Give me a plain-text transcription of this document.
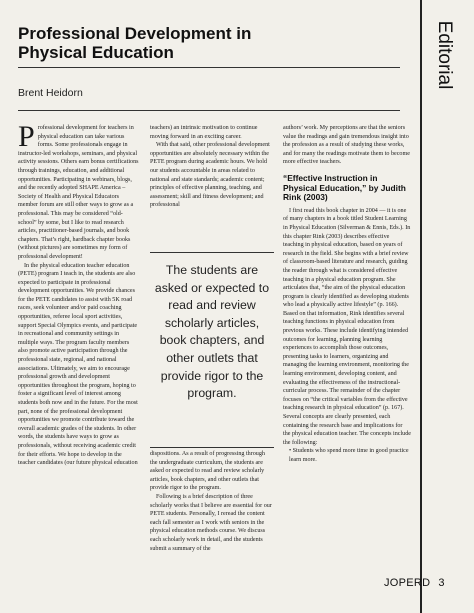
Professional Development in
Physical Education
Brent Heidorn
Editorial
P rofessional development for teachers in physical education can take various forms. Some professionals engage in instructor-led workshops, seminars, and physical activity sessions. Others earn bonus certifications through trainings, education, and additional opportunities. Participating in webinars, blogs, and the recently adopted SHAPE America – Society of Health and Physical Educators member forum are still other ways to grow as a professional. This may be considered “old-school” by some, but I like to read research articles, practitioner-based journals, and book chapters. That’s right, hardback chapter books (without pictures) are sometimes my form of professional development!

In the physical education teacher education (PETE) program I teach in, the students are also expected to participate in professional development opportunities. We provide chances for the PETE candidates to assist with 5K road races, seek volunteer and/or paid coaching opportunities, referee local sport activities, support Special Olympics events, and participate in recreational and community settings in multiple ways. The program faculty members also promote active participation through the professional state, regional, and national associations. Ultimately, we aim to encourage professional growth and development opportunities throughout the program, hoping to foster a significant level of interest among students both now and in the future. For the most part, none of the professional development opportunities we promote contribute toward the overall academic grades of the students. In other words, the students have ways to grow as professionals, without receiving academic credit for their efforts. We hope to develop in the teacher candidates (our future physical education

teachers) an intrinsic motivation to continue moving forward in an exciting career.

With that said, other professional development opportunities are absolutely necessary within the PETE program during academic hours. We hold our students accountable in areas related to national and state standards; academic content; principles of effective planning, teaching, and assessment; skill and fitness development; and professional

dispositions. As a result of progressing through the undergraduate curriculum, the students are asked or expected to read and review scholarly articles, book chapters, and other outlets that provide rigor to the program.

Following is a brief description of three scholarly works that I believe are essential for our PETE students. Personally, I reread the content each fall semester as I work with seniors in the physical education methods course. We discuss each scholarly work in detail, and the students submit a summary of the

The students are asked or expected to read and review scholarly articles, book chapters, and other outlets that provide rigor to the program.

authors’ work. My perceptions are that the seniors value the readings and gain tremendous insight into the profession as a result of studying these works, and for many the readings motivate them to become more effective teachers.

“Effective Instruction in Physical Education,” by Judith Rink (2003)

I first read this book chapter in 2004 — it is one of many chapters in a book titled Student Learning in Physical Education (Silverman & Ennis, Eds.). In this chapter Rink (2003) describes effective teaching in physical education, based on years of research in the field. She begins with a brief review of classroom-based literature and research, guiding the reader through what is considered effective teaching in a physical education program. She articulates that, “the aim of the physical education program is clearly identified as developing students who lead a physically active lifestyle” (p. 166). Based on that information, Rink identifies several teaching functions in physical education from previous works. These include identifying intended outcomes for learning, planning learning experiences to accomplish those outcomes, presenting tasks to learners, organizing and managing the learning environment, monitoring the learning environment, developing content, and evaluating the effectiveness of the instructional-curricular process. The remainder of the chapter focuses on “the critical variables from the effective teaching research in physical education” (p. 167). Several concepts are clearly presented, each containing the research base and implications for the physical education teacher. The concepts include the following:

• Students who spend more time in good practice learn more.

JOPERD 3
